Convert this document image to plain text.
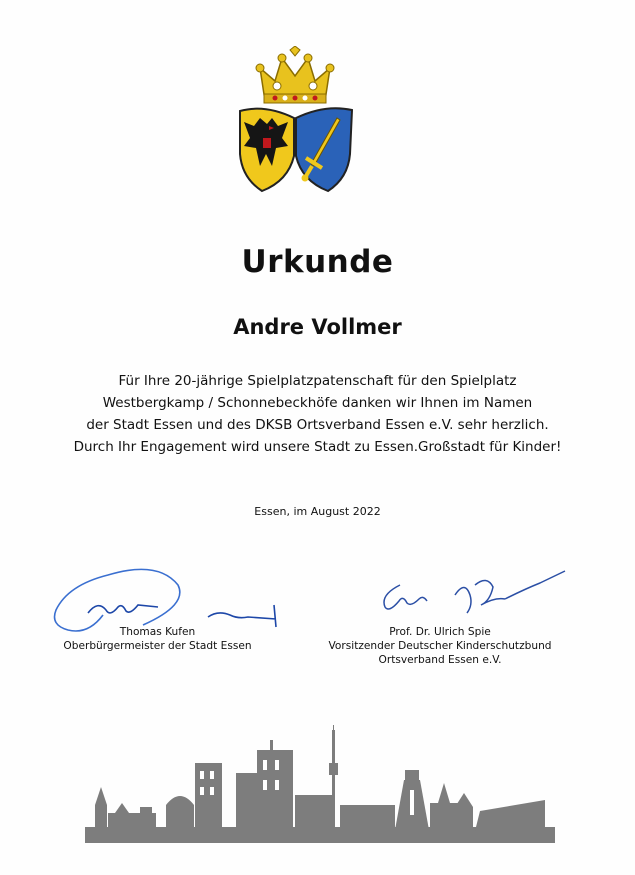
Urkunde
Andre Vollmer
Für Ihre 20-jährige Spielplatzpatenschaft für den Spielplatz
Westbergkamp / Schonnebeckhöfe danken wir Ihnen im Namen
der Stadt Essen und des DKSB Ortsverband Essen e.V. sehr herzlich.
Durch Ihr Engagement wird unsere Stadt zu Essen.Großstadt für Kinder!
Essen, im August 2022
Thomas Kufen
Oberbürgermeister der Stadt Essen
Prof. Dr. Ulrich Spie
Vorsitzender Deutscher Kinderschutzbund
Ortsverband Essen e.V.
